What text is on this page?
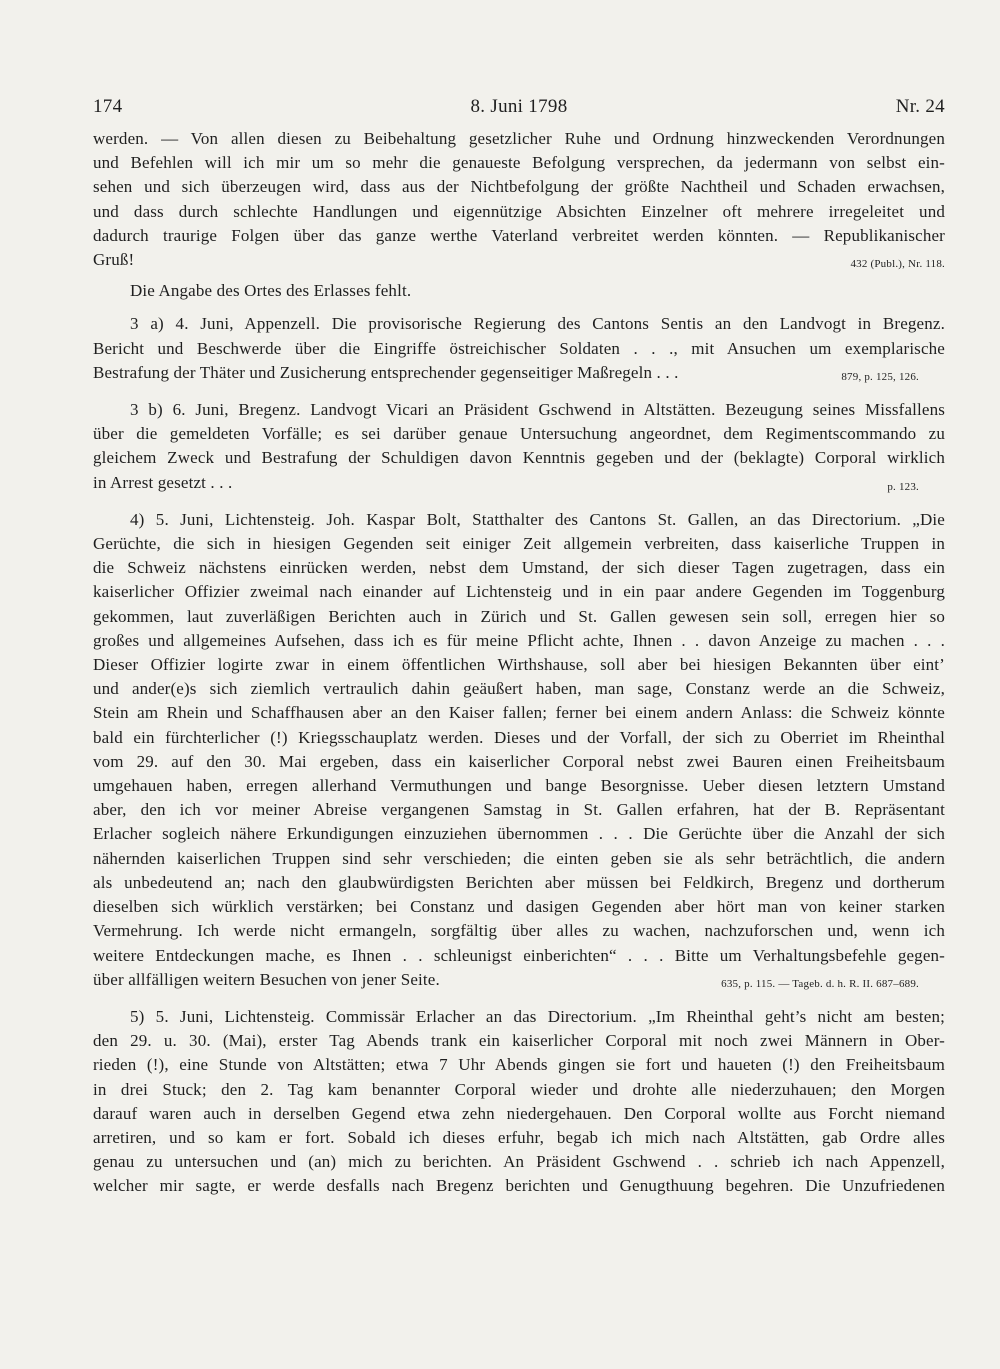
8. Juni 1798
174	Nr. 24

werden. — Von allen diesen zu Beibehaltung gesetzlicher Ruhe und Ordnung hinzweckenden Verordnungen
und Befehlen will ich mir um so mehr die genaueste Befolgung versprechen, da jedermann von selbst ein-
sehen und sich überzeugen wird, dass aus der Nichtbefolgung der größte Nachtheil und Schaden erwachsen,
und dass durch schlechte Handlungen und eigennützige Absichten Einzelner oft mehrere irregeleitet und
dadurch traurige Folgen über das ganze werthe Vaterland verbreitet werden könnten. — Republikanischer
Gruß!	432 (Publ.), Nr. 118.

Die Angabe des Ortes des Erlasses fehlt.

3 a) 4. Juni, Appenzell. Die provisorische Regierung des Cantons Sentis an den Landvogt in Bregenz.
Bericht und Beschwerde über die Eingriffe östreichischer Soldaten . . ., mit Ansuchen um exemplarische
Bestrafung der Thäter und Zusicherung entsprechender gegenseitiger Maßregeln . . .	879, p. 125, 126.

3 b) 6. Juni, Bregenz. Landvogt Vicari an Präsident Gschwend in Altstätten. Bezeugung seines Missfallens
über die gemeldeten Vorfälle; es sei darüber genaue Untersuchung angeordnet, dem Regimentscommando zu
gleichem Zweck und Bestrafung der Schuldigen davon Kenntnis gegeben und der (beklagte) Corporal wirklich
in Arrest gesetzt . . .	p. 123.

4) 5. Juni, Lichtensteig. Joh. Kaspar Bolt, Statthalter des Cantons St. Gallen, an das Directorium. „Die
Gerüchte, die sich in hiesigen Gegenden seit einiger Zeit allgemein verbreiten, dass kaiserliche Truppen in
die Schweiz nächstens einrücken werden, nebst dem Umstand, der sich dieser Tagen zugetragen, dass ein
kaiserlicher Offizier zweimal nach einander auf Lichtensteig und in ein paar andere Gegenden im Toggenburg
gekommen, laut zuverläßigen Berichten auch in Zürich und St. Gallen gewesen sein soll, erregen hier so
großes und allgemeines Aufsehen, dass ich es für meine Pflicht achte, Ihnen . . davon Anzeige zu machen . . .
Dieser Offizier logirte zwar in einem öffentlichen Wirthshause, soll aber bei hiesigen Bekannten über eint’
und ander(e)s sich ziemlich vertraulich dahin geäußert haben, man sage, Constanz werde an die Schweiz,
Stein am Rhein und Schaffhausen aber an den Kaiser fallen; ferner bei einem andern Anlass: die Schweiz könnte
bald ein fürchterlicher (!) Kriegsschauplatz werden. Dieses und der Vorfall, der sich zu Oberriet im Rheinthal
vom 29. auf den 30. Mai ergeben, dass ein kaiserlicher Corporal nebst zwei Bauren einen Freiheitsbaum
umgehauen haben, erregen allerhand Vermuthungen und bange Besorgnisse. Ueber diesen letztern Umstand
aber, den ich vor meiner Abreise vergangenen Samstag in St. Gallen erfahren, hat der B. Repräsentant
Erlacher sogleich nähere Erkundigungen einzuziehen übernommen . . . Die Gerüchte über die Anzahl der sich
nähernden kaiserlichen Truppen sind sehr verschieden; die einten geben sie als sehr beträchtlich, die andern
als unbedeutend an; nach den glaubwürdigsten Berichten aber müssen bei Feldkirch, Bregenz und dortherum
dieselben sich würklich verstärken; bei Constanz und dasigen Gegenden aber hört man von keiner starken
Vermehrung. Ich werde nicht ermangeln, sorgfältig über alles zu wachen, nachzuforschen und, wenn ich
weitere Entdeckungen mache, es Ihnen . . schleunigst einberichten“ . . . Bitte um Verhaltungsbefehle gegen-
über allfälligen weitern Besuchen von jener Seite.	635, p. 115. — Tageb. d. h. R. II. 687–689.

5) 5. Juni, Lichtensteig. Commissär Erlacher an das Directorium. „Im Rheinthal geht’s nicht am besten;
den 29. u. 30. (Mai), erster Tag Abends trank ein kaiserlicher Corporal mit noch zwei Männern in Ober-
rieden (!), eine Stunde von Altstätten; etwa 7 Uhr Abends gingen sie fort und haueten (!) den Freiheitsbaum
in drei Stuck; den 2. Tag kam benannter Corporal wieder und drohte alle niederzuhauen; den Morgen
darauf waren auch in derselben Gegend etwa zehn niedergehauen. Den Corporal wollte aus Forcht niemand
arretiren, und so kam er fort. Sobald ich dieses erfuhr, begab ich mich nach Altstätten, gab Ordre alles
genau zu untersuchen und (an) mich zu berichten. An Präsident Gschwend . . schrieb ich nach Appenzell,
welcher mir sagte, er werde desfalls nach Bregenz berichten und Genugthuung begehren. Die Unzufriedenen
